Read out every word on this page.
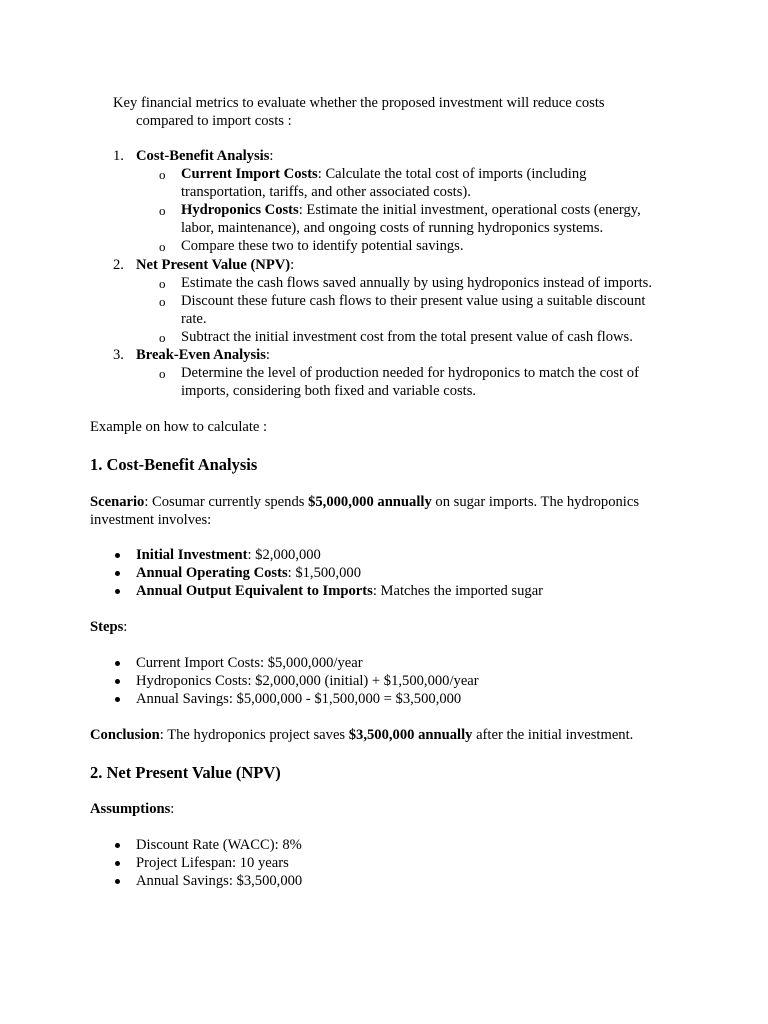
Key financial metrics to evaluate whether the proposed investment will reduce costs
compared to import costs :
1. Cost-Benefit Analysis:
o Current Import Costs: Calculate the total cost of imports (including
transportation, tariffs, and other associated costs).
o Hydroponics Costs: Estimate the initial investment, operational costs (energy,
labor, maintenance), and ongoing costs of running hydroponics systems.
o Compare these two to identify potential savings.
2. Net Present Value (NPV):
o Estimate the cash flows saved annually by using hydroponics instead of imports.
o Discount these future cash flows to their present value using a suitable discount
rate.
o Subtract the initial investment cost from the total present value of cash flows.
3. Break-Even Analysis:
o Determine the level of production needed for hydroponics to match the cost of
imports, considering both fixed and variable costs.
Example on how to calculate :
1. Cost-Benefit Analysis
Scenario: Cosumar currently spends $5,000,000 annually on sugar imports. The hydroponics
investment involves:
Initial Investment: $2,000,000
Annual Operating Costs: $1,500,000
Annual Output Equivalent to Imports: Matches the imported sugar
Steps:
Current Import Costs: $5,000,000/year
Hydroponics Costs: $2,000,000 (initial) + $1,500,000/year
Annual Savings: $5,000,000 - $1,500,000 = $3,500,000
Conclusion: The hydroponics project saves $3,500,000 annually after the initial investment.
2. Net Present Value (NPV)
Assumptions:
Discount Rate (WACC): 8%
Project Lifespan: 10 years
Annual Savings: $3,500,000
